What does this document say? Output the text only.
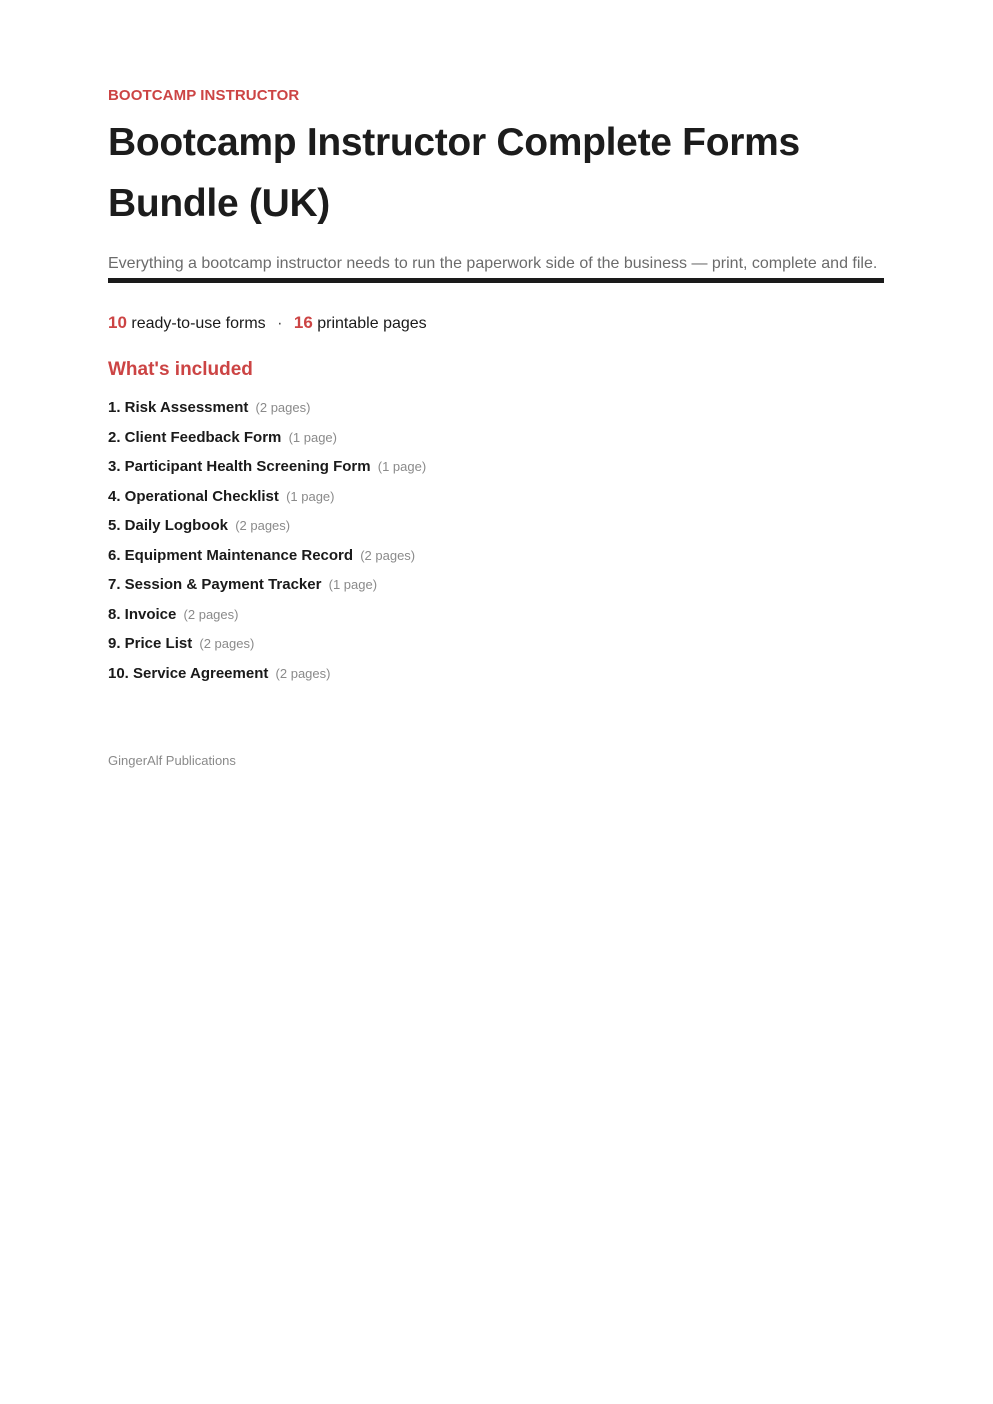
BOOTCAMP INSTRUCTOR

Bootcamp Instructor Complete Forms Bundle (UK)

Everything a bootcamp instructor needs to run the paperwork side of the business — print, complete and file.

10 ready-to-use forms · 16 printable pages
What's included
1. Risk Assessment (2 pages)
2. Client Feedback Form (1 page)
3. Participant Health Screening Form (1 page)
4. Operational Checklist (1 page)
5. Daily Logbook (2 pages)
6. Equipment Maintenance Record (2 pages)
7. Session & Payment Tracker (1 page)
8. Invoice (2 pages)
9. Price List (2 pages)
10. Service Agreement (2 pages)
GingerAlf Publications
